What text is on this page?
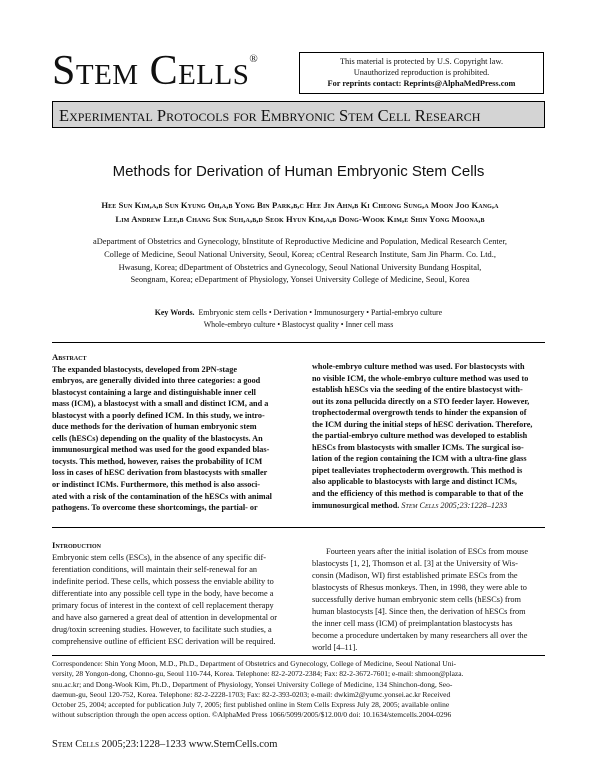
Stem Cells®	This material is protected by U.S. Copyright law.
Unauthorized reproduction is prohibited.
For reprints contact: Reprints@AlphaMedPress.com
Experimental Protocols for Embryonic Stem Cell Research
Methods for Derivation of Human Embryonic Stem Cells
Hee Sun Kim,a,b Sun Kyung Oh,a,b Yong Bin Park,b,c Hee Jin Ahn,b Ki Cheong Sung,a Moon Joo Kang,a
Lim Andrew Lee,b Chang Suk Suh,a,b,d Seok Hyun Kim,a,b Dong-Wook Kim,e Shin Yong Moona,b
aDepartment of Obstetrics and Gynecology, bInstitute of Reproductive Medicine and Population, Medical Research Center,
College of Medicine, Seoul National University, Seoul, Korea; cCentral Research Institute, Sam Jin Pharm. Co. Ltd.,
Hwasung, Korea; dDepartment of Obstetrics and Gynecology, Seoul National University Bundang Hospital,
Seongnam, Korea; eDepartment of Physiology, Yonsei University College of Medicine, Seoul, Korea
Key Words. Embryonic stem cells • Derivation • Immunosurgery • Partial-embryo culture
Whole-embryo culture • Blastocyst quality • Inner cell mass
Abstract
The expanded blastocysts, developed from 2PN-stage
embryos, are generally divided into three categories: a good
blastocyst containing a large and distinguishable inner cell
mass (ICM), a blastocyst with a small and distinct ICM, and a
blastocyst with a poorly defined ICM. In this study, we intro-
duce methods for the derivation of human embryonic stem
cells (hESCs) depending on the quality of the blastocysts. An
immunosurgical method was used for the good expanded blas-
tocysts. This method, however, raises the probability of ICM
loss in cases of hESC derivation from blastocysts with smaller
or indistinct ICMs. Furthermore, this method is also associ-
ated with a risk of the contamination of the hESCs with animal
pathogens. To overcome these shortcomings, the partial- or
whole-embryo culture method was used. For blastocysts with
no visible ICM, the whole-embryo culture method was used to
establish hESCs via the seeding of the entire blastocyst with-
out its zona pellucida directly on a STO feeder layer. However,
trophectodermal overgrowth tends to hinder the expansion of
the ICM during the initial steps of hESC derivation. Therefore,
the partial-embryo culture method was developed to establish
hESCs from blastocysts with smaller ICMs. The surgical iso-
lation of the region containing the ICM with a ultra-fine glass
pipet tealleviates trophectoderm overgrowth. This method is
also applicable to blastocysts with large and distinct ICMs,
and the efficiency of this method is comparable to that of the
immunosurgical method. Stem Cells 2005;23:1228–1233
Introduction
Embryonic stem cells (ESCs), in the absence of any specific dif-
ferentiation conditions, will maintain their self-renewal for an
indefinite period. These cells, which possess the enviable ability to
differentiate into any possible cell type in the body, have become a
primary focus of interest in the context of cell replacement therapy
and have also garnered a great deal of attention in developmental or
drug/toxin screening studies. However, to facilitate such studies, a
comprehensive outline of efficient ESC derivation will be required.
Fourteen years after the initial isolation of ESCs from mouse
blastocysts [1, 2], Thomson et al. [3] at the University of Wis-
consin (Madison, WI) first established primate ESCs from the
blastocysts of Rhesus monkeys. Then, in 1998, they were able to
successfully derive human embryonic stem cells (hESCs) from
human blastocysts [4]. Since then, the derivation of hESCs from
the inner cell mass (ICM) of preimplantation blastocysts has
become a procedure undertaken by many researchers all over the
world [4–11].
Correspondence: Shin Yong Moon, M.D., Ph.D., Department of Obstetrics and Gynecology, College of Medicine, Seoul National Uni-
versity, 28 Yongon-dong, Chonno-gu, Seoul 110-744, Korea. Telephone: 82-2-2072-2384; Fax: 82-2-3672-7601; e-mail: shmoon@plaza.
snu.ac.kr; and Dong-Wook Kim, Ph.D., Department of Physiology, Yonsei University College of Medicine, 134 Shinchon-dong, Seo-
daemun-gu, Seoul 120-752, Korea. Telephone: 82-2-2228-1703; Fax: 82-2-393-0203; e-mail: dwkim2@yumc.yonsei.ac.kr Received
October 25, 2004; accepted for publication July 7, 2005; first published online in Stem Cells Express July 28, 2005; available online
without subscription through the open access option. ©AlphaMed Press 1066/5099/2005/$12.00/0 doi: 10.1634/stemcells.2004-0296
Stem Cells 2005;23:1228–1233 www.StemCells.com
